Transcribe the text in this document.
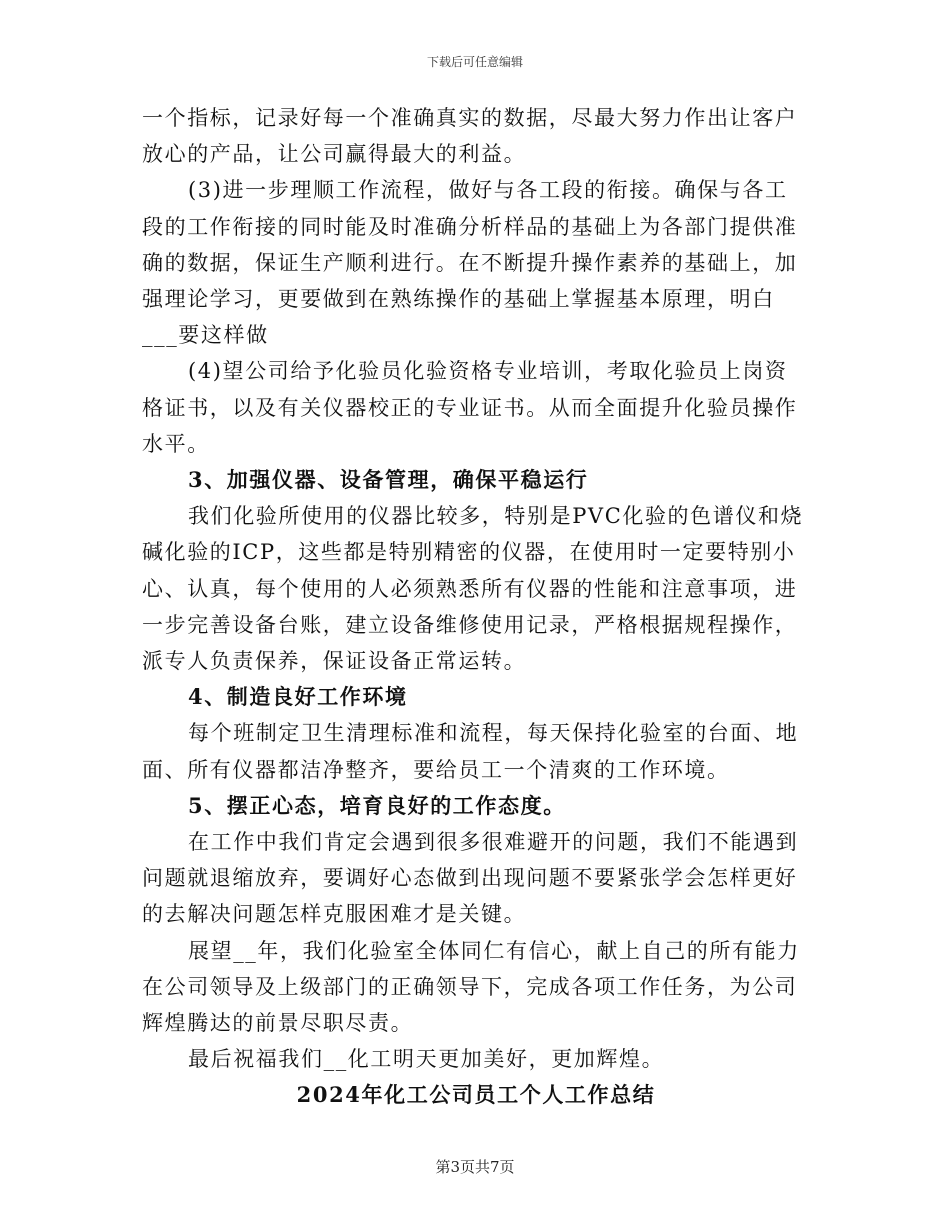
下载后可任意编辑

一个指标，记录好每一个准确真实的数据，尽最大努力作出让客户放心的产品，让公司赢得最大的利益。

(3)进一步理顺工作流程，做好与各工段的衔接。确保与各工段的工作衔接的同时能及时准确分析样品的基础上为各部门提供准确的数据，保证生产顺利进行。在不断提升操作素养的基础上，加强理论学习，更要做到在熟练操作的基础上掌握基本原理，明白___要这样做

(4)望公司给予化验员化验资格专业培训，考取化验员上岗资格证书，以及有关仪器校正的专业证书。从而全面提升化验员操作水平。

3、加强仪器、设备管理，确保平稳运行

我们化验所使用的仪器比较多，特别是PVC化验的色谱仪和烧碱化验的ICP，这些都是特别精密的仪器，在使用时一定要特别小心、认真，每个使用的人必须熟悉所有仪器的性能和注意事项，进一步完善设备台账，建立设备维修使用记录，严格根据规程操作，派专人负责保养，保证设备正常运转。

4、制造良好工作环境

每个班制定卫生清理标准和流程，每天保持化验室的台面、地面、所有仪器都洁净整齐，要给员工一个清爽的工作环境。

5、摆正心态，培育良好的工作态度。

在工作中我们肯定会遇到很多很难避开的问题，我们不能遇到问题就退缩放弃，要调好心态做到出现问题不要紧张学会怎样更好的去解决问题怎样克服困难才是关键。

展望__年，我们化验室全体同仁有信心，献上自己的所有能力在公司领导及上级部门的正确领导下，完成各项工作任务，为公司辉煌腾达的前景尽职尽责。

最后祝福我们__化工明天更加美好，更加辉煌。

2024年化工公司员工个人工作总结

第3页共7页
